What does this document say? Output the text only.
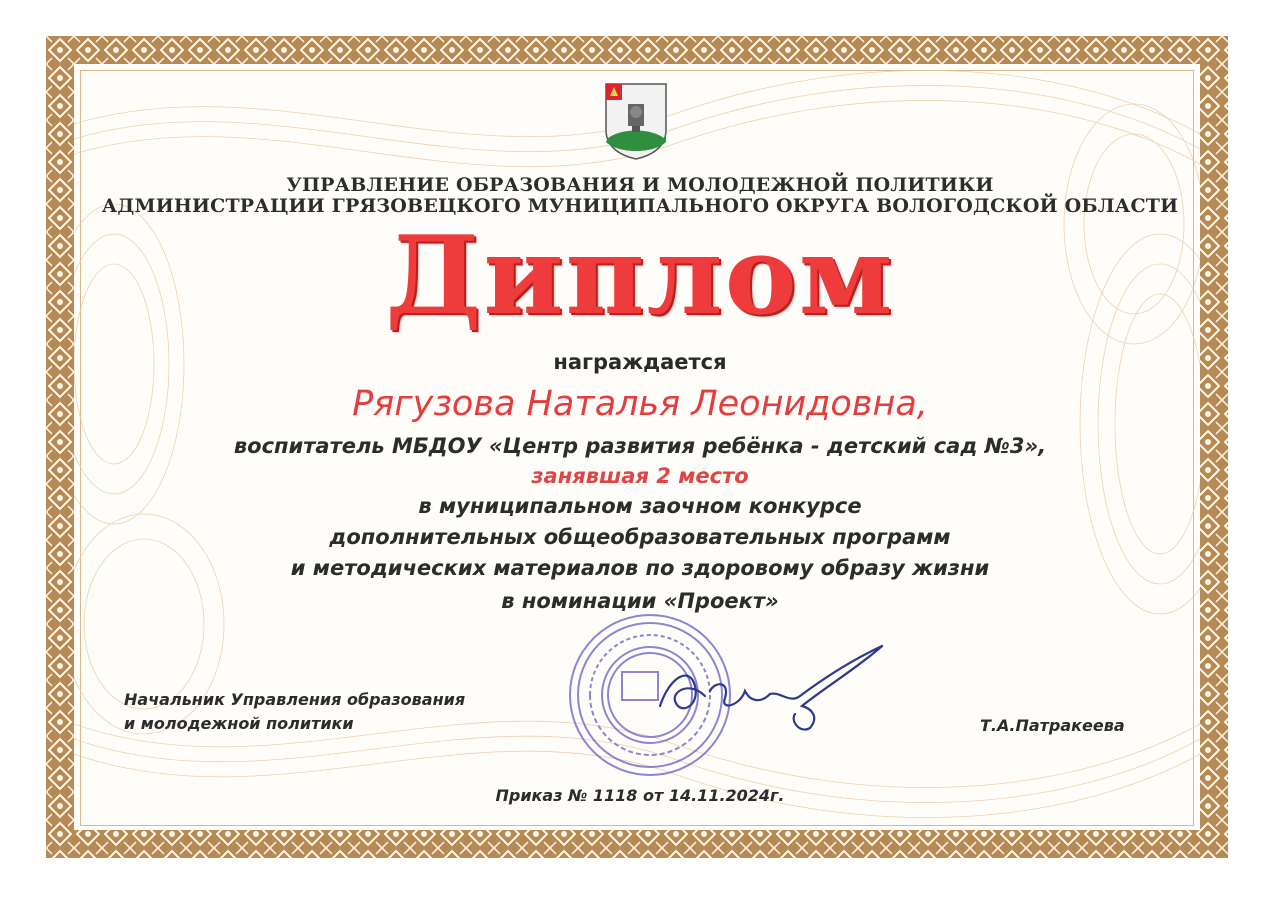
УПРАВЛЕНИЕ ОБРАЗОВАНИЯ И МОЛОДЕЖНОЙ ПОЛИТИКИ
АДМИНИСТРАЦИИ ГРЯЗОВЕЦКОГО МУНИЦИПАЛЬНОГО ОКРУГА ВОЛОГОДСКОЙ ОБЛАСТИ
Диплом
награждается
Рягузова Наталья Леонидовна,
воспитатель МБДОУ «Центр развития ребёнка - детский сад №3»,
занявшая 2 место
в муниципальном заочном конкурсе
дополнительных общеобразовательных программ
и методических материалов по здоровому образу жизни
в номинации «Проект»
Начальник Управления образования
и молодежной политики	Т.А.Патракеева
Приказ № 1118 от 14.11.2024г.
